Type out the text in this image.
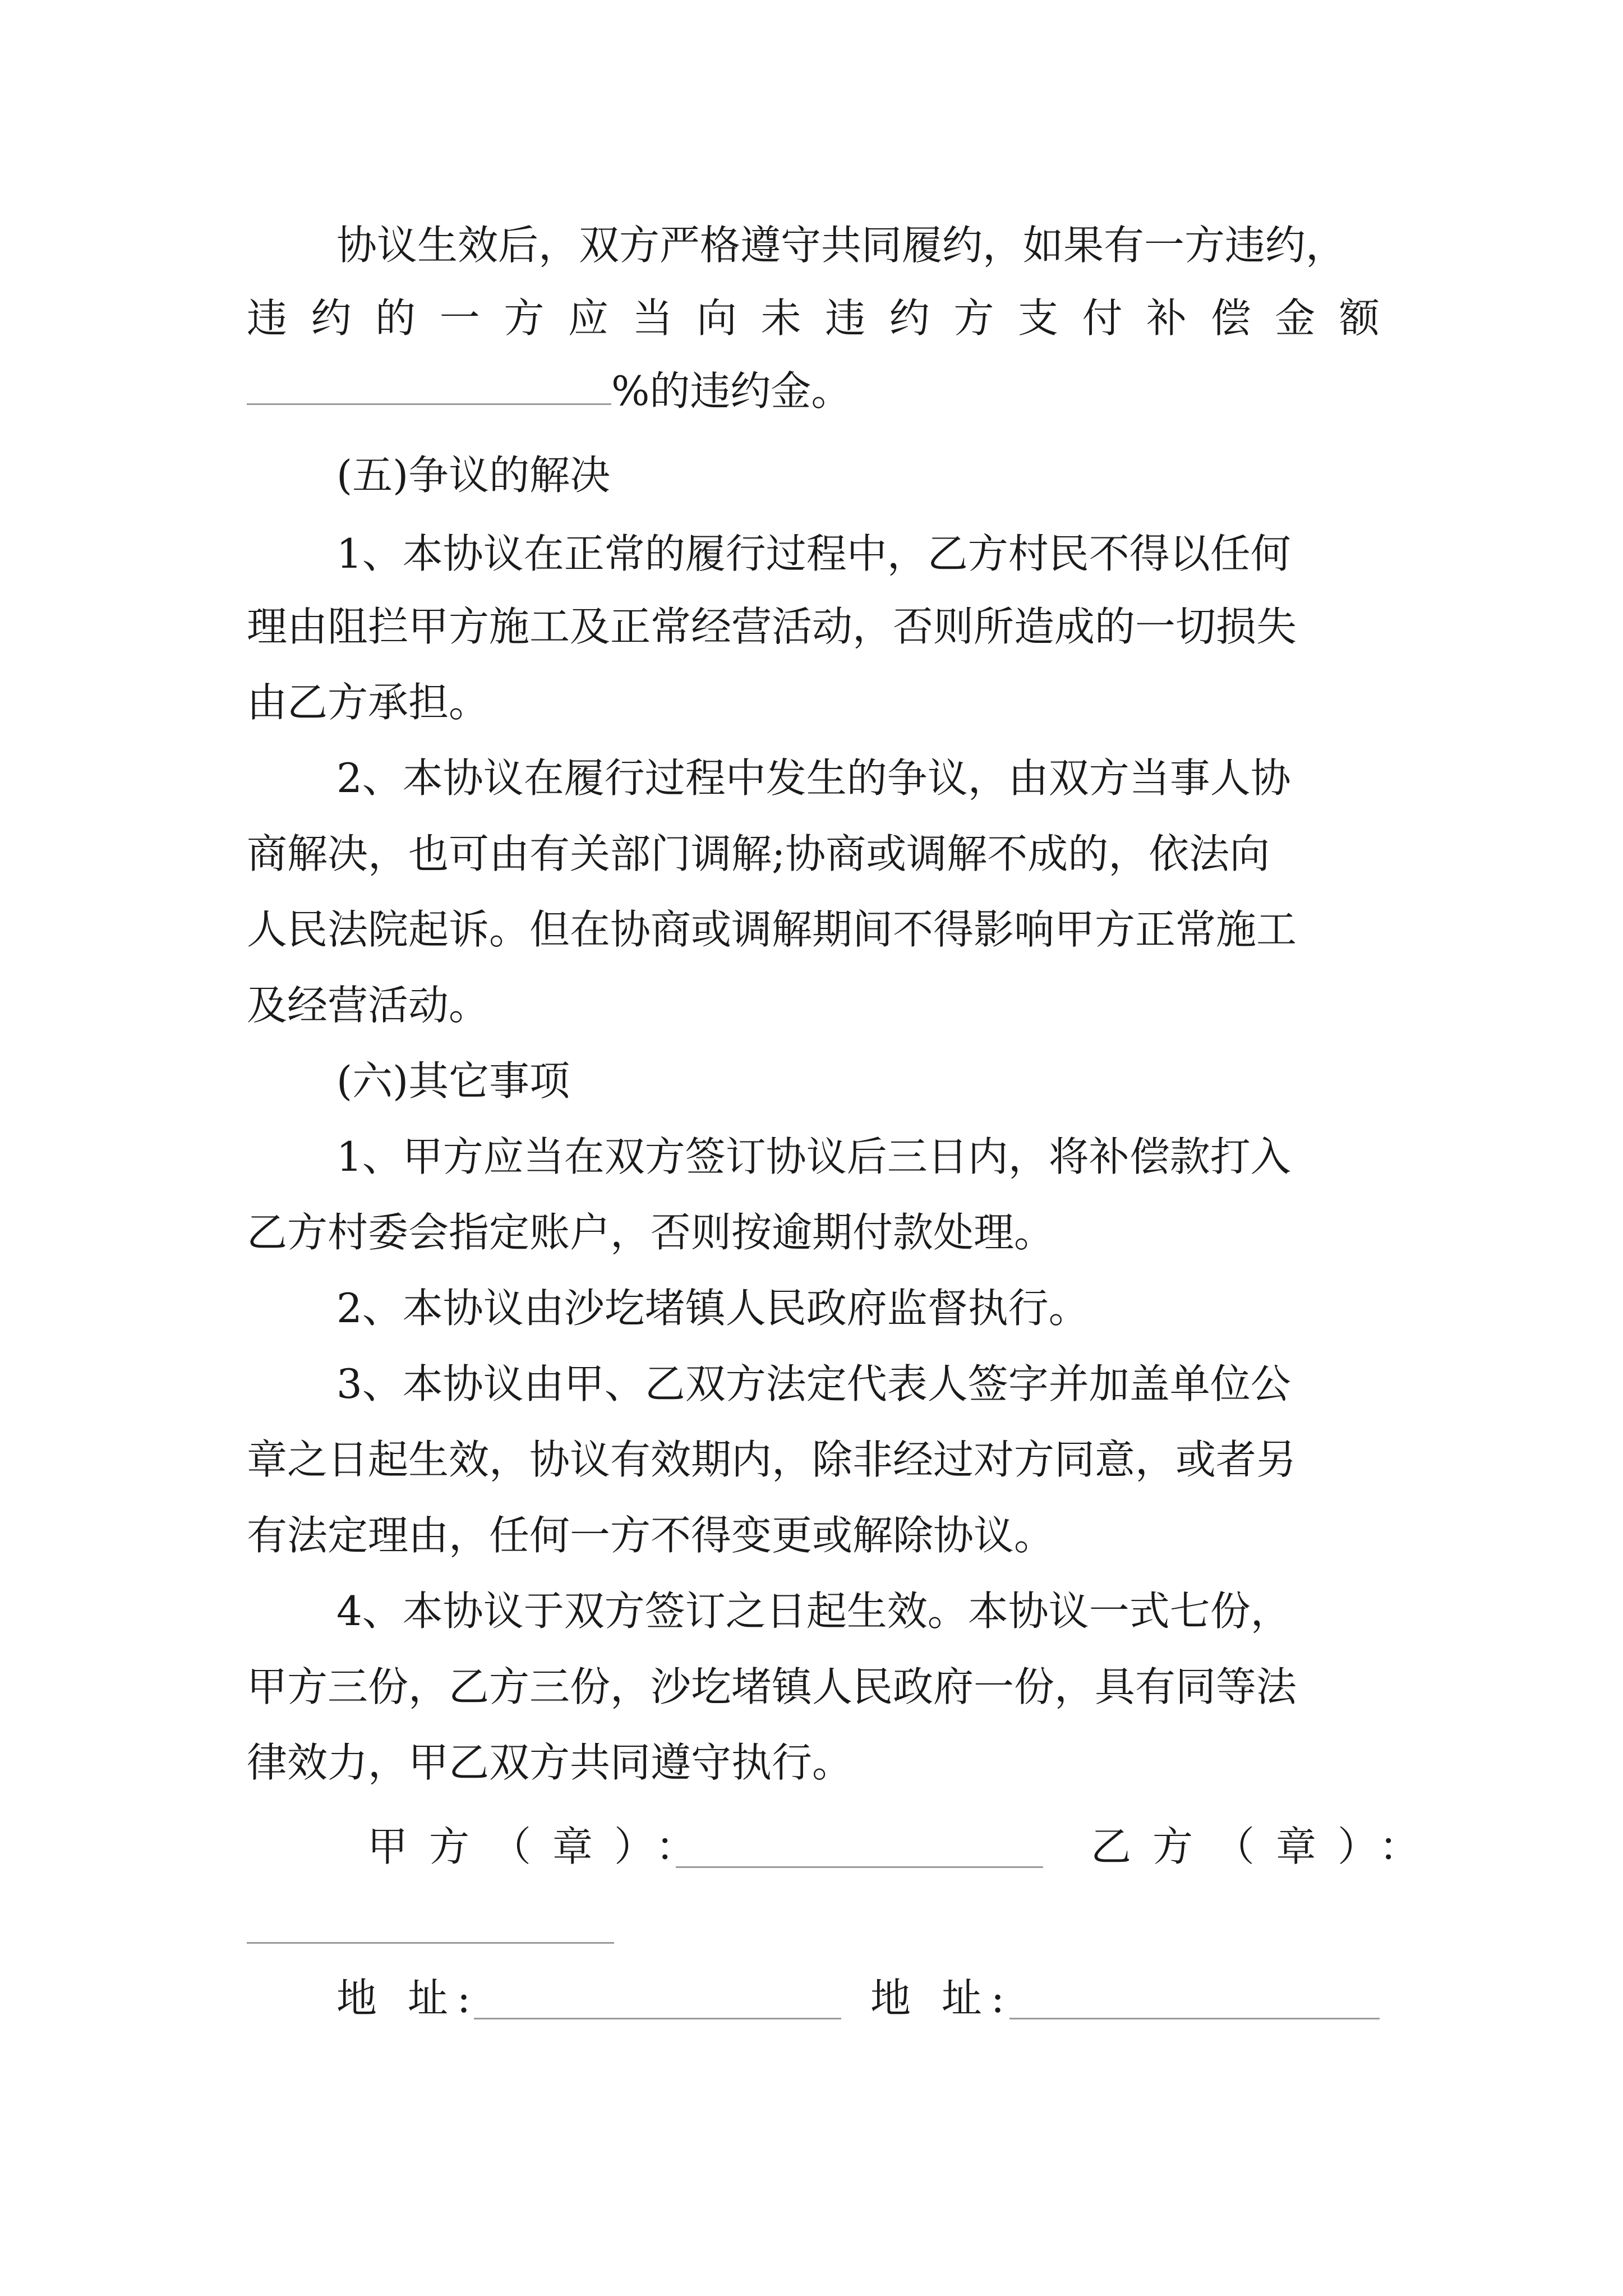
协议生效后，双方严格遵守共同履约，如果有一方违约，
违 约 的 一 方 应 当 向 未 违 约 方 支 付 补 偿 金 额
%的违约金。
(五)争议的解决
1、本协议在正常的履行过程中，乙方村民不得以任何
理由阻拦甲方施工及正常经营活动，否则所造成的一切损失
由乙方承担。
2、本协议在履行过程中发生的争议，由双方当事人协
商解决，也可由有关部门调解;协商或调解不成的，依法向
人民法院起诉。但在协商或调解期间不得影响甲方正常施工
及经营活动。
(六)其它事项
1、甲方应当在双方签订协议后三日内，将补偿款打入
乙方村委会指定账户，否则按逾期付款处理。
2、本协议由沙圪堵镇人民政府监督执行。
3、本协议由甲、乙双方法定代表人签字并加盖单位公
章之日起生效，协议有效期内，除非经过对方同意，或者另
有法定理由，任何一方不得变更或解除协议。
4、本协议于双方签订之日起生效。本协议一式七份，
甲方三份，乙方三份，沙圪堵镇人民政府一份，具有同等法
律效力，甲乙双方共同遵守执行。
甲方（章）：	乙方（章）：
地 址:	地 址:
